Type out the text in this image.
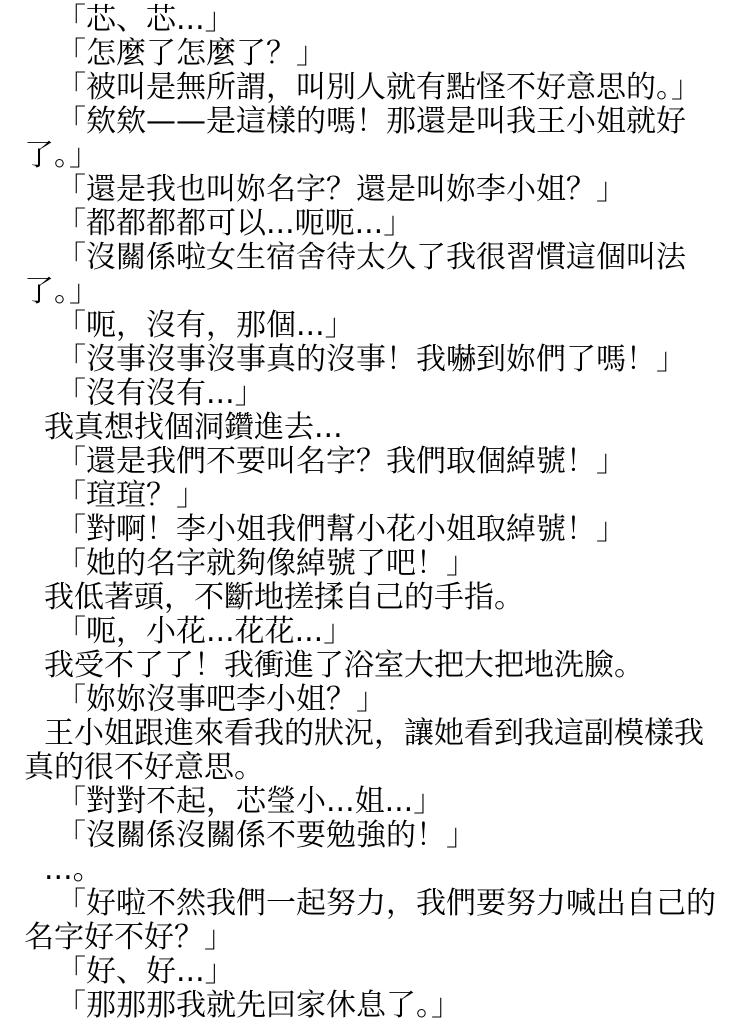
「芯、芯...」
「怎麼了怎麼了？」
「被叫是無所謂，叫別人就有點怪不好意思的。」
「欸欸——是這樣的嗎！那還是叫我王小姐就好
了。」
「還是我也叫妳名字？還是叫妳李小姐？」
「都都都都可以...呃呃...」
「沒關係啦女生宿舍待太久了我很習慣這個叫法
了。」
「呃，沒有，那個...」
「沒事沒事沒事真的沒事！我嚇到妳們了嗎！」
「沒有沒有...」
我真想找個洞鑽進去...
「還是我們不要叫名字？我們取個綽號！」
「瑄瑄？」
「對啊！李小姐我們幫小花小姐取綽號！」
「她的名字就夠像綽號了吧！」
我低著頭，不斷地搓揉自己的手指。
「呃，小花...花花...」
我受不了了！我衝進了浴室大把大把地洗臉。
「妳妳沒事吧李小姐？」
王小姐跟進來看我的狀況，讓她看到我這副模樣我
真的很不好意思。
「對對不起，芯瑩小...姐...」
「沒關係沒關係不要勉強的！」
...。
「好啦不然我們一起努力，我們要努力喊出自己的
名字好不好？」
「好、好...」
「那那那我就先回家休息了。」
